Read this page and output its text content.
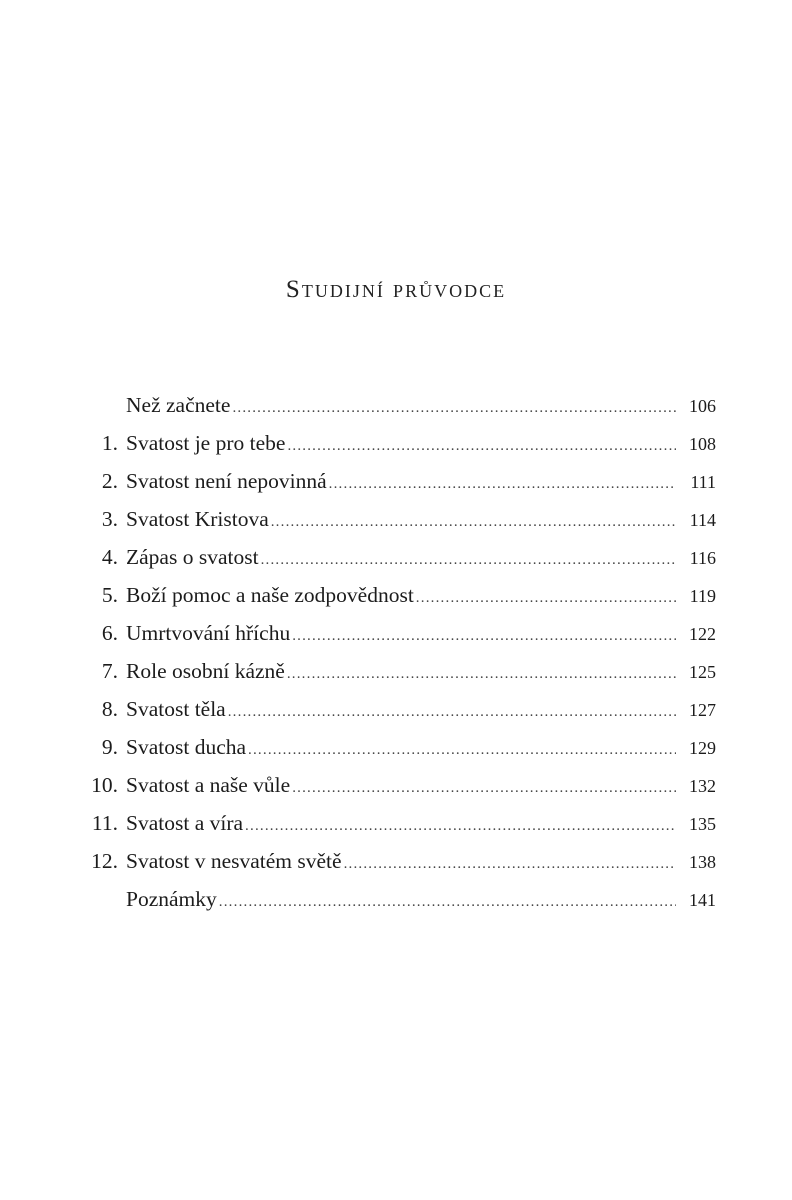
Studijní průvodce
Než začnete .....	106
1. Svatost je pro tebe .....	108
2. Svatost není nepovinná .....	111
3. Svatost Kristova .....	114
4. Zápas o svatost .....	116
5. Boží pomoc a naše zodpovědnost .....	119
6. Umrtvování hříchu .....	122
7. Role osobní kázně .....	125
8. Svatost těla .....	127
9. Svatost ducha .....	129
10. Svatost a naše vůle .....	132
11. Svatost a víra .....	135
12. Svatost v nesvatém světě .....	138
Poznámky .....	141
